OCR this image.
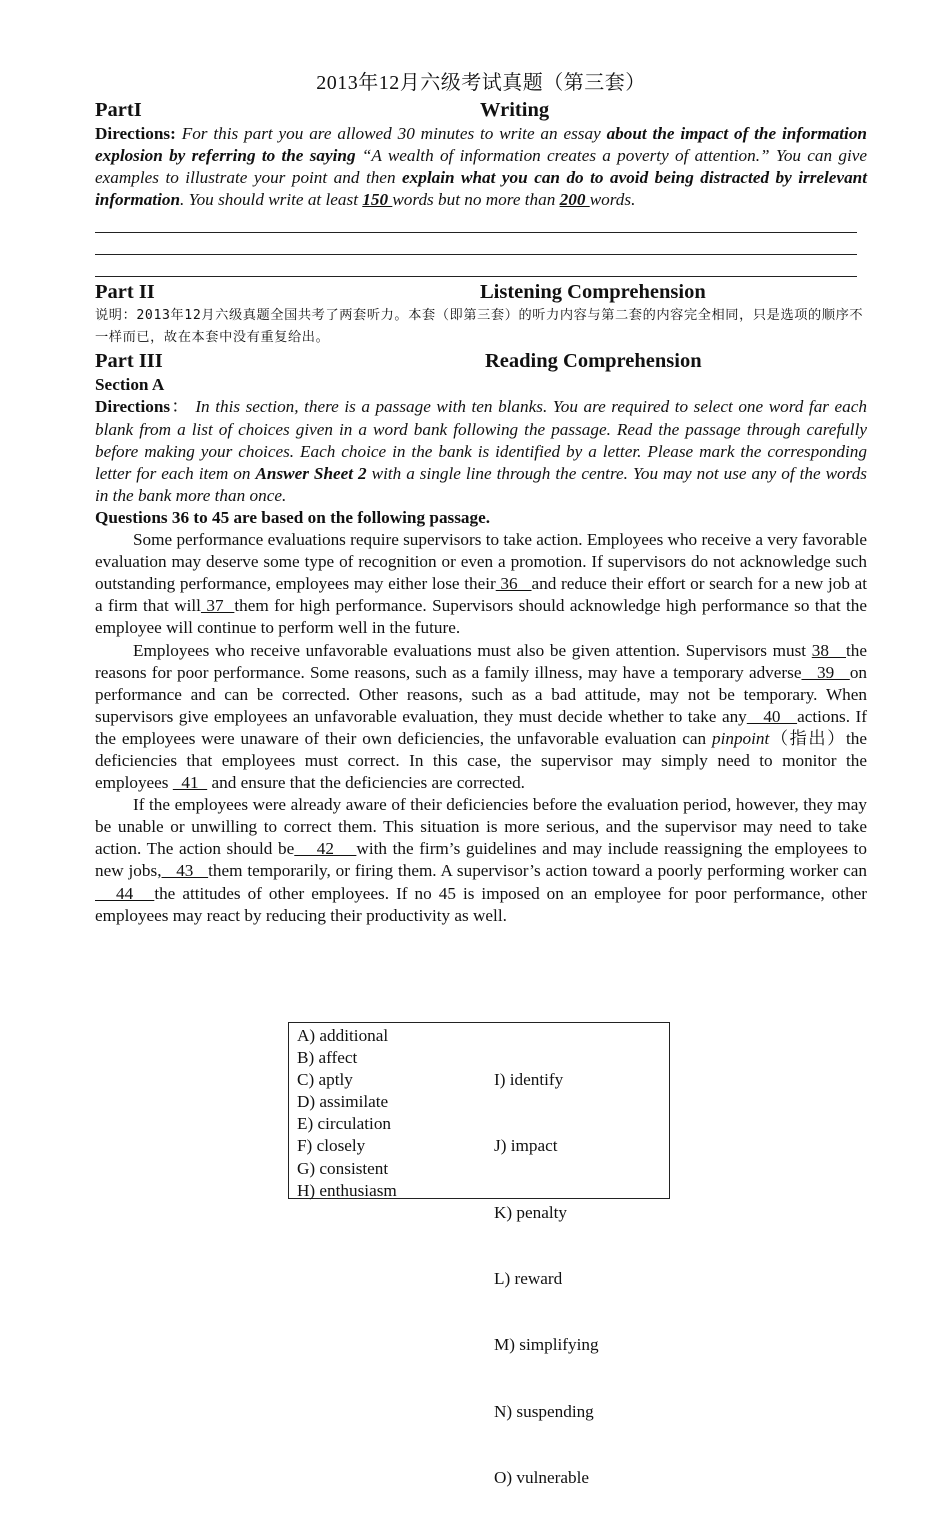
2013年12月六级考试真题（第三套）
PartI	Writing

Directions: For this part you are allowed 30 minutes to write an essay about the impact of the information explosion by referring to the saying “A wealth of information creates a poverty of attention.” You can give examples to illustrate your point and then explain what you can do to avoid being distracted by irrelevant information. You should write at least 150 words but no more than 200 words.

Part II	Listening Comprehension

说明：2013年12月六级真题全国共考了两套听力。本套（即第三套）的听力内容与第二套的内容完全相同，只是选项的顺序不一样而已，故在本套中没有重复给出。

Part III	Reading Comprehension

Section A

Directions： In this section, there is a passage with ten blanks. You are required to select one word far each blank from a list of choices given in a word bank following the passage. Read the passage through carefully before making your choices. Each choice in the bank is identified by a letter. Please mark the corresponding letter for each item on Answer Sheet 2 with a single line through the centre. You may not use any of the words in the bank more than once.

Questions 36 to 45 are based on the following passage.

Some performance evaluations require supervisors to take action. Employees who receive a very favorable evaluation may deserve some type of recognition or even a promotion. If supervisors do not acknowledge such outstanding performance, employees may either lose their 36   and reduce their effort or search for a new job at a firm that will 37  them for high performance. Supervisors should acknowledge high performance so that the employee will continue to perform well in the future.

Employees who receive unfavorable evaluations must also be given attention. Supervisors must 38   the reasons for poor performance. Some reasons, such as a family illness, may have a temporary adverse   39   on performance and can be corrected. Other reasons, such as a bad attitude, may not be temporary. When supervisors give employees an unfavorable evaluation, they must decide whether to take any   40   actions. If the employees were unaware of their own deficiencies, the unfavorable evaluation can pinpoint（指出）the deficiencies that employees must correct. In this case, the supervisor may simply need to monitor the employees   41   and ensure that the deficiencies are corrected.

If the employees were already aware of their deficiencies before the evaluation period, however, they may be unable or unwilling to correct them. This situation is more serious, and the supervisor may need to take action. The action should be    42    with the firm’s guidelines and may include reassigning the employees to new jobs,   43   them temporarily, or firing them. A supervisor’s action toward a poorly performing worker can   44   the attitudes of other employees. If no 45 is imposed on an employee for poor performance, other employees may react by reducing their productivity as well.

A) additional
B) affect
C) aptly
D) assimilate
E) circulation
F) closely
G) consistent
H) enthusiasm

I) identify

J) impact

K) penalty

L) reward

M) simplifying

N) suspending

O) vulnerable
